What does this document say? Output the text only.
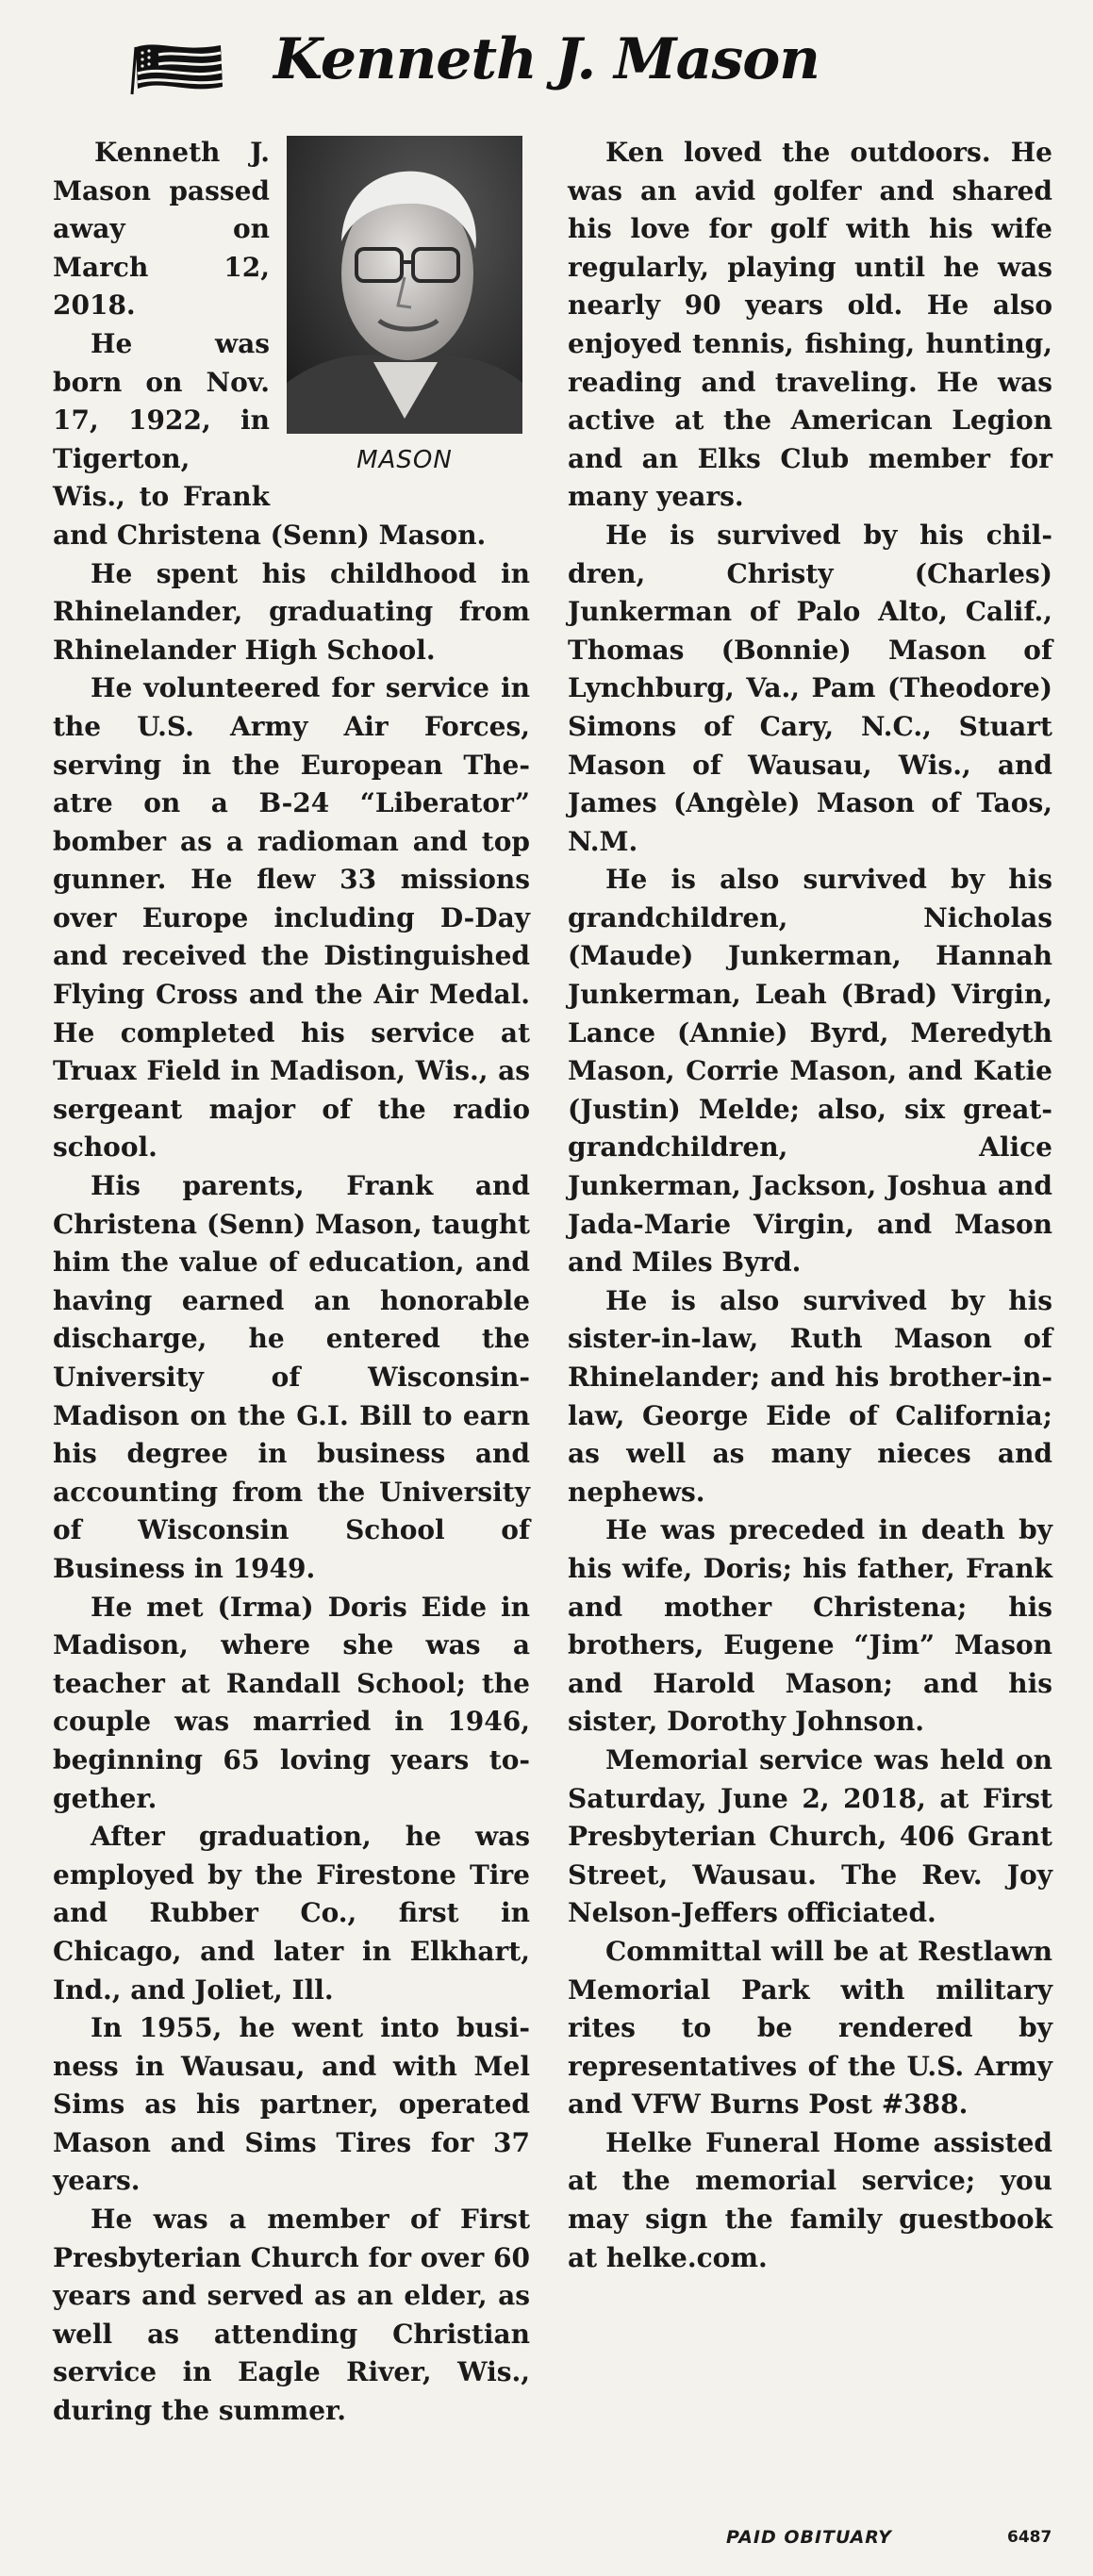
Kenneth J. Mason
MASON

Kenneth J. Mason passed away on March 12, 2018.

He was born on Nov. 17, 1922, in Tigerton, Wis., to Frank and Christena (Senn) Mason.

He spent his childhood in Rhinelander, graduating from Rhinelander High School.

He volunteered for service in the U.S. Army Air Forces, serving in the European Theatre on a B-24 “Liberator” bomber as a radioman and top gunner. He flew 33 missions over Europe including D-Day and received the Distinguished Flying Cross and the Air Medal. He completed his service at Truax Field in Madison, Wis., as sergeant major of the radio school.

His parents, Frank and Christena (Senn) Mason, taught him the value of education, and having earned an honorable discharge, he entered the University of Wisconsin-Madison on the G.I. Bill to earn his degree in business and accounting from the University of Wisconsin School of Business in 1949.

He met (Irma) Doris Eide in Madison, where she was a teacher at Randall School; the couple was married in 1946, beginning 65 loving years together.

After graduation, he was employed by the Firestone Tire and Rubber Co., first in Chicago, and later in Elkhart, Ind., and Joliet, Ill.

In 1955, he went into business in Wausau, and with Mel Sims as his partner, operated Mason and Sims Tires for 37 years.

He was a member of First Presbyterian Church for over 60 years and served as an elder, as well as attending Christian service in Eagle River, Wis., during the summer.

Ken loved the outdoors. He was an avid golfer and shared his love for golf with his wife regularly, playing until he was nearly 90 years old. He also enjoyed tennis, fishing, hunting, reading and traveling. He was active at the American Legion and an Elks Club member for many years.

He is survived by his children, Christy (Charles) Junkerman of Palo Alto, Calif., Thomas (Bonnie) Mason of Lynchburg, Va., Pam (Theodore) Simons of Cary, N.C., Stuart Mason of Wausau, Wis., and James (Angèle) Mason of Taos, N.M.

He is also survived by his grandchildren, Nicholas (Maude) Junkerman, Hannah Junkerman, Leah (Brad) Virgin, Lance (Annie) Byrd, Meredyth Mason, Corrie Mason, and Katie (Justin) Melde; also, six great-grandchildren, Alice Junkerman, Jackson, Joshua and Jada-Marie Virgin, and Mason and Miles Byrd.

He is also survived by his sister-in-law, Ruth Mason of Rhinelander; and his brother-in-law, George Eide of California; as well as many nieces and nephews.

He was preceded in death by his wife, Doris; his father, Frank and mother Christena; his brothers, Eugene “Jim” Mason and Harold Mason; and his sister, Dorothy Johnson.

Memorial service was held on Saturday, June 2, 2018, at First Presbyterian Church, 406 Grant Street, Wausau. The Rev. Joy Nelson-Jeffers officiated.

Committal will be at Restlawn Memorial Park with military rites to be rendered by representatives of the U.S. Army and VFW Burns Post #388.

Helke Funeral Home assisted at the memorial service; you may sign the family guestbook at helke.com.

PAID OBITUARY	6487
